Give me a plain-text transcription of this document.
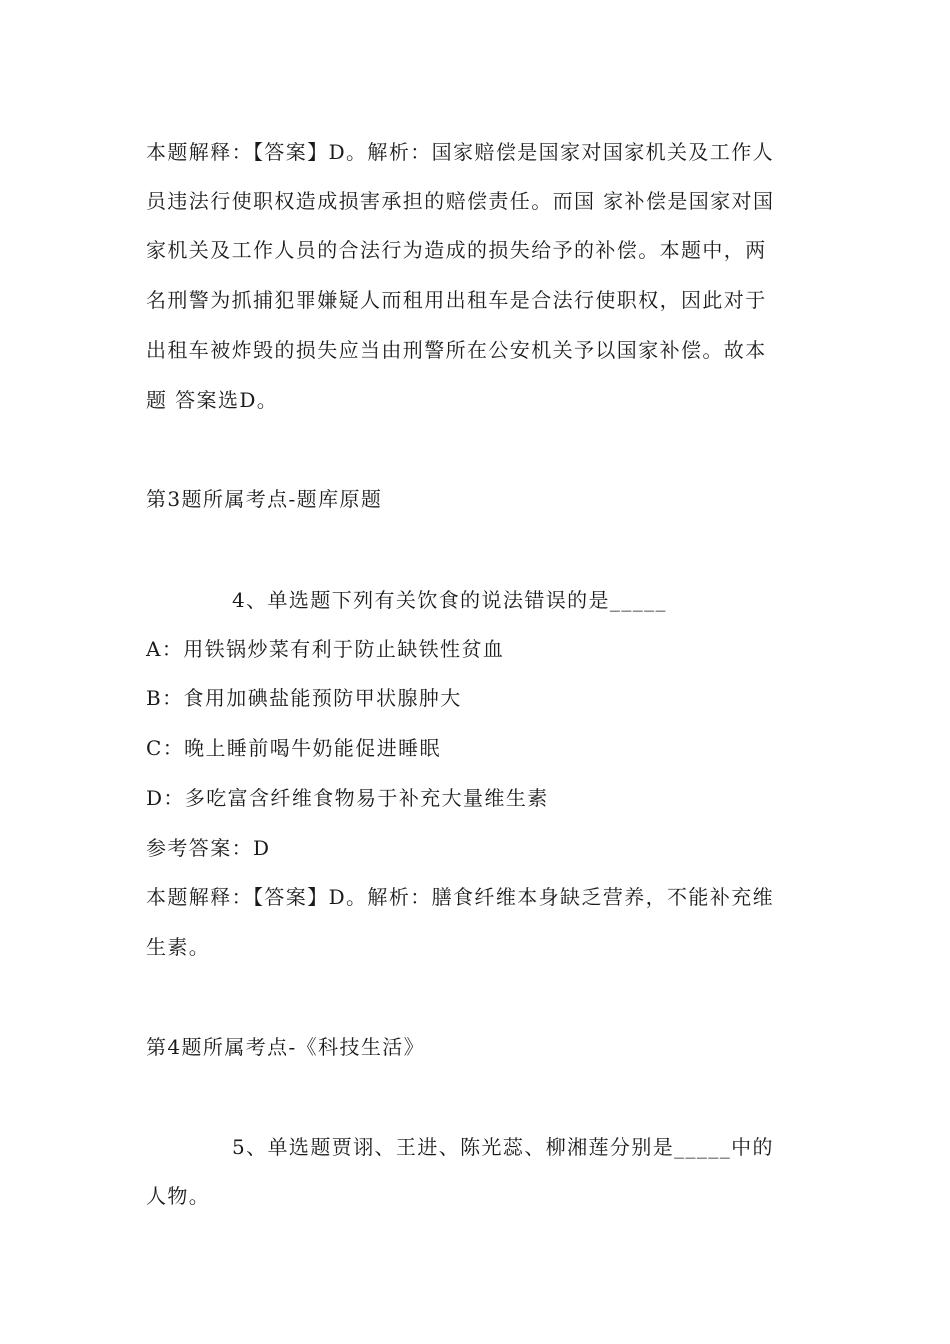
本题解释：【答案】D。解析：国家赔偿是国家对国家机关及工作人
员违法行使职权造成损害承担的赔偿责任。而国 家补偿是国家对国
家机关及工作人员的合法行为造成的损失给予的补偿。本题中，两
名刑警为抓捕犯罪嫌疑人而租用出租车是合法行使职权，因此对于
出租车被炸毁的损失应当由刑警所在公安机关予以国家补偿。故本
题 答案选D。
第3题所属考点-题库原题
4、单选题下列有关饮食的说法错误的是_____
A：用铁锅炒菜有利于防止缺铁性贫血
B：食用加碘盐能预防甲状腺肿大
C：晚上睡前喝牛奶能促进睡眠
D：多吃富含纤维食物易于补充大量维生素
参考答案：D
本题解释：【答案】D。解析：膳食纤维本身缺乏营养，不能补充维
生素。
第4题所属考点-《科技生活》
5、单选题贾诩、王进、陈光蕊、柳湘莲分别是_____中的
人物。
